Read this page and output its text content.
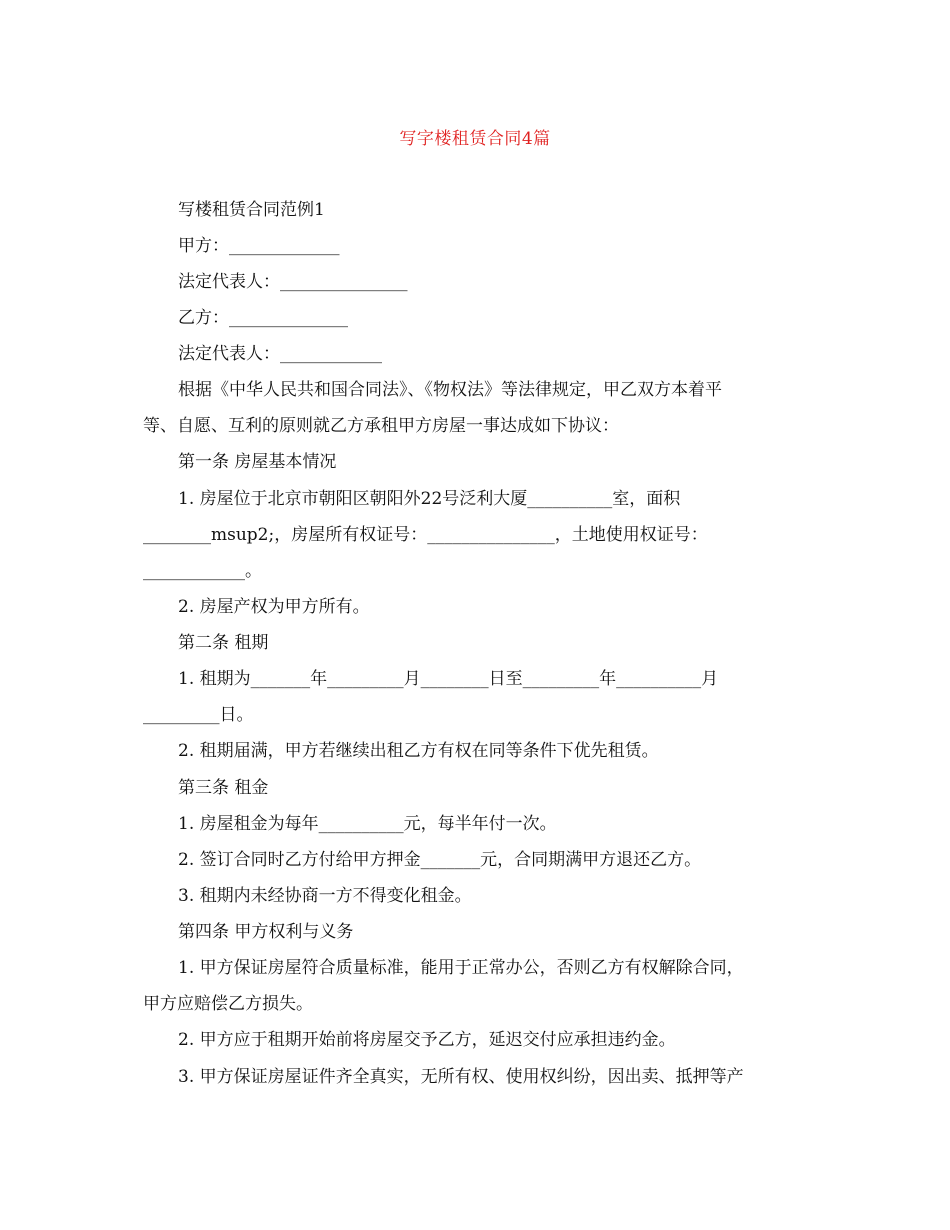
写字楼租赁合同4篇
写楼租赁合同范例1
甲方：_____________
法定代表人：_______________
乙方：______________
法定代表人：____________
根据《中华人民共和国合同法》、《物权法》等法律规定，甲乙双方本着平
等、自愿、互利的原则就乙方承租甲方房屋一事达成如下协议：
第一条 房屋基本情况
1. 房屋位于北京市朝阳区朝阳外22号泛利大厦__________室，面积
________msup2;，房屋所有权证号：_______________，土地使用权证号：
____________。
2. 房屋产权为甲方所有。
第二条 租期
1. 租期为_______年_________月________日至_________年__________月
_________日。
2. 租期届满，甲方若继续出租乙方有权在同等条件下优先租赁。
第三条 租金
1. 房屋租金为每年__________元，每半年付一次。
2. 签订合同时乙方付给甲方押金_______元，合同期满甲方退还乙方。
3. 租期内未经协商一方不得变化租金。
第四条 甲方权利与义务
1. 甲方保证房屋符合质量标准，能用于正常办公，否则乙方有权解除合同，
甲方应赔偿乙方损失。
2. 甲方应于租期开始前将房屋交予乙方，延迟交付应承担违约金。
3. 甲方保证房屋证件齐全真实，无所有权、使用权纠纷，因出卖、抵押等产
